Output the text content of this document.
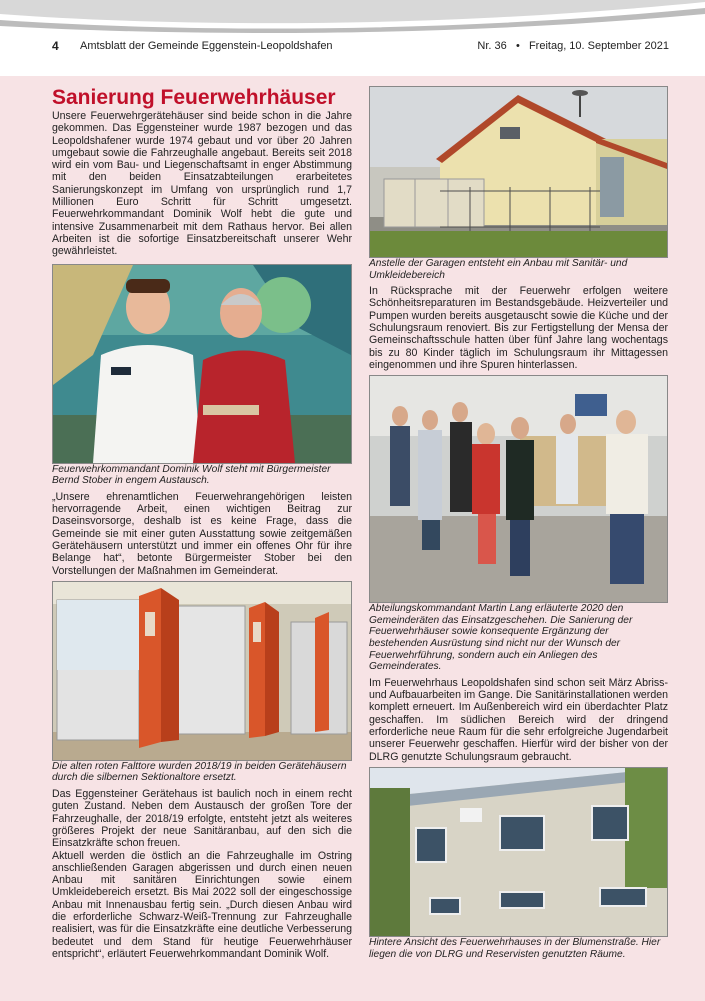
4 Amtsblatt der Gemeinde Eggenstein-Leopoldshafen	Nr. 36   •   Freitag, 10. September 2021
Sanierung Feuerwehrhäuser

Unsere Feuerwehrgerätehäuser sind beide schon in die Jahre gekommen. Das Eggensteiner wurde 1987 bezogen und das Leopoldshafener wurde 1974 gebaut und vor über 20 Jahren umgebaut sowie die Fahrzeughalle angebaut. Bereits seit 2018 wird ein vom Bau- und Liegenschaftsamt in enger Abstimmung mit den beiden Einsatzabteilungen erarbeitetes Sanierungskonzept im Umfang von ursprünglich rund 1,7 Millionen Euro Schritt für Schritt umgesetzt. Feuerwehrkommandant Dominik Wolf hebt die gute und intensive Zusammenarbeit mit dem Rathaus hervor. Bei allen Arbeiten ist die sofortige Einsatzbereitschaft unserer Wehr gewährleistet.

Feuerwehrkommandant Dominik Wolf steht mit Bürgermeister Bernd Stober in engem Austausch.

„Unsere ehrenamtlichen Feuerwehrangehörigen leisten hervorragende Arbeit, einen wichtigen Beitrag zur Daseinsvorsorge, deshalb ist es keine Frage, dass die Gemeinde sie mit einer guten Ausstattung sowie zeitgemäßen Gerätehäusern unterstützt und immer ein offenes Ohr für ihre Belange hat“, betonte Bürgermeister Stober bei den Vorstellungen der Maßnahmen im Gemeinderat.

Die alten roten Falttore wurden 2018/19 in beiden Gerätehäusern durch die silbernen Sektionaltore ersetzt.

Das Eggensteiner Gerätehaus ist baulich noch in einem recht guten Zustand. Neben dem Austausch der großen Tore der Fahrzeughalle, der 2018/19 erfolgte, entsteht jetzt als weiteres größeres Projekt der neue Sanitäranbau, auf den sich die Einsatzkräfte schon freuen.

Aktuell werden die östlich an die Fahrzeughalle im Ostring anschließenden Garagen abgerissen und durch einen neuen Anbau mit sanitären Einrichtungen sowie einem Umkleidebereich ersetzt. Bis Mai 2022 soll der eingeschossige Anbau mit Innenausbau fertig sein. „Durch diesen Anbau wird die erforderliche Schwarz-Weiß-Trennung zur Fahrzeughalle realisiert, was für die Einsatzkräfte eine deutliche Verbesserung bedeutet und dem Stand für heutige Feuerwehrhäuser entspricht“, erläutert Feuerwehrkommandant Dominik Wolf.

Anstelle der Garagen entsteht ein Anbau mit Sanitär- und Umkleidebereich

In Rücksprache mit der Feuerwehr erfolgen weitere Schönheitsreparaturen im Bestandsgebäude. Heizverteiler und Pumpen wurden bereits ausgetauscht sowie die Küche und der Schulungsraum renoviert. Bis zur Fertigstellung der Mensa der Gemeinschaftsschule hatten über fünf Jahre lang wochentags bis zu 80 Kinder täglich im Schulungsraum ihr Mittagessen eingenommen und ihre Spuren hinterlassen.

Abteilungskommandant Martin Lang erläuterte 2020 den Gemeinderäten das Einsatzgeschehen. Die Sanierung der Feuerwehrhäuser sowie konsequente Ergänzung der bestehenden Ausrüstung sind nicht nur der Wunsch der Feuerwehrführung, sondern auch ein Anliegen des Gemeinderates.

Im Feuerwehrhaus Leopoldshafen sind schon seit März Abriss- und Aufbauarbeiten im Gange. Die Sanitärinstallationen werden komplett erneuert. Im Außenbereich wird ein überdachter Platz geschaffen. Im südlichen Bereich wird der dringend erforderliche neue Raum für die sehr erfolgreiche Jugendarbeit unserer Feuerwehr geschaffen. Hierfür wird der bisher von der DLRG genutzte Schulungsraum gebraucht.

Hintere Ansicht des Feuerwehrhauses in der Blumenstraße. Hier liegen die von DLRG und Reservisten genutzten Räume.
